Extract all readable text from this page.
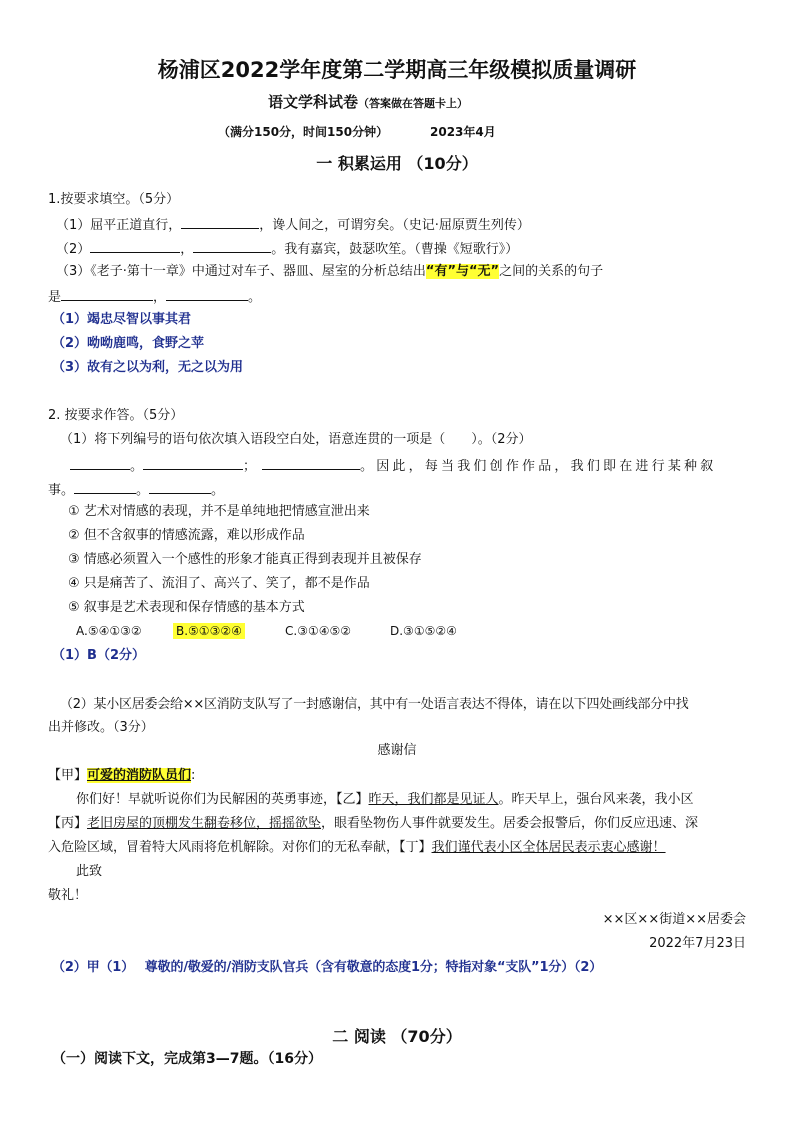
杨浦区2022学年度第二学期高三年级模拟质量调研
语文学科试卷（答案做在答题卡上）
（满分150分，时间150分钟）	2023年4月
一 积累运用 （10分）
1.按要求填空。（5分）
（1）屈平正道直行，	，谗人间之，可谓穷矣。（史记·屈原贾生列传）
（2）	，	。我有嘉宾，鼓瑟吹笙。（曹操《短歌行》）
（3）《老子·第十一章》中通过对车子、器皿、屋室的分析总结出“有”与“无”之间的关系的句子
是	，	。
（1）竭忠尽智以事其君
（2）呦呦鹿鸣，食野之苹
（3）故有之以为利，无之以为用
2. 按要求作答。（5分）
（1）将下列编号的语句依次填入语段空白处，语意连贯的一项是（　　）。（2分）
。	；	。因此，每当我们创作作品，我们即在进行某种叙
事。	。	。
① 艺术对情感的表现，并不是单纯地把情感宣泄出来
② 但不含叙事的情感流露，难以形成作品
③ 情感必须置入一个感性的形象才能真正得到表现并且被保存
④ 只是痛苦了、流泪了、高兴了、笑了，都不是作品
⑤ 叙事是艺术表现和保存情感的基本方式
A.⑤④①③②	B.⑤①③②④	C.③①④⑤②	D.③①⑤②④
（1）B（2分）
（2）某小区居委会给××区消防支队写了一封感谢信，其中有一处语言表达不得体，请在以下四处画线部分中找
出并修改。（3分）
感谢信
【甲】可爱的消防队员们:
你们好！早就听说你们为民解困的英勇事迹，【乙】昨天，我们都是见证人。昨天早上，强台风来袭，我小区
【丙】老旧房屋的顶棚发生翻卷移位，摇摇欲坠，眼看坠物伤人事件就要发生。居委会报警后，你们反应迅速、深
入危险区域，冒着特大风雨将危机解除。对你们的无私奉献，【丁】我们谨代表小区全体居民表示衷心感谢！
此致
敬礼！
××区××街道××居委会
2022年7月23日
（2）甲（1）　 尊敬的/敬爱的/消防支队官兵（含有敬意的态度1分；特指对象“支队”1分）（2）
二 阅读 （70分）
（一）阅读下文，完成第3—7题。（16分）
